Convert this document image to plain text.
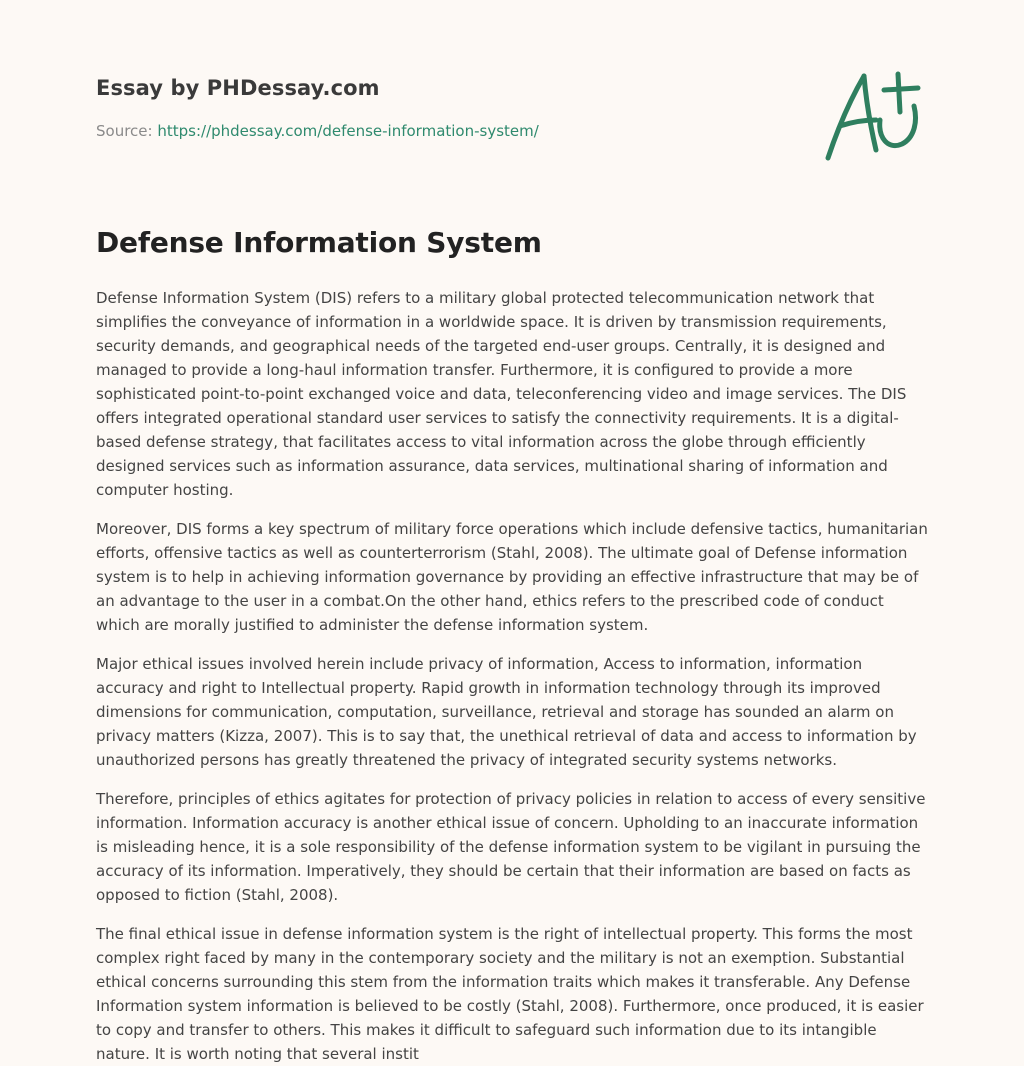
Essay by PHDessay.com
Source: https://phdessay.com/defense-information-system/
Defense Information System

Defense Information System (DIS) refers to a military global protected telecommunication network that simplifies the conveyance of information in a worldwide space. It is driven by transmission requirements, security demands, and geographical needs of the targeted end-user groups. Centrally, it is designed and managed to provide a long-haul information transfer. Furthermore, it is configured to provide a more sophisticated point-to-point exchanged voice and data, teleconferencing video and image services. The DIS offers integrated operational standard user services to satisfy the connectivity requirements. It is a digital-based defense strategy, that facilitates access to vital information across the globe through efficiently designed services such as information assurance, data services, multinational sharing of information and computer hosting.

Moreover, DIS forms a key spectrum of military force operations which include defensive tactics, humanitarian efforts, offensive tactics as well as counterterrorism (Stahl, 2008). The ultimate goal of Defense information system is to help in achieving information governance by providing an effective infrastructure that may be of an advantage to the user in a combat.On the other hand, ethics refers to the prescribed code of conduct which are morally justified to administer the defense information system.

Major ethical issues involved herein include privacy of information, Access to information, information accuracy and right to Intellectual property. Rapid growth in information technology through its improved dimensions for communication, computation, surveillance, retrieval and storage has sounded an alarm on privacy matters (Kizza, 2007). This is to say that, the unethical retrieval of data and access to information by unauthorized persons has greatly threatened the privacy of integrated security systems networks.

Therefore, principles of ethics agitates for protection of privacy policies in relation to access of every sensitive information. Information accuracy is another ethical issue of concern. Upholding to an inaccurate information is misleading hence, it is a sole responsibility of the defense information system to be vigilant in pursuing the accuracy of its information. Imperatively, they should be certain that their information are based on facts as opposed to fiction (Stahl, 2008).

The final ethical issue in defense information system is the right of intellectual property. This forms the most complex right faced by many in the contemporary society and the military is not an exemption. Substantial ethical concerns surrounding this stem from the information traits which makes it transferable. Any Defense Information system information is believed to be costly (Stahl, 2008). Furthermore, once produced, it is easier to copy and transfer to others. This makes it difficult to safeguard such information due to its intangible nature. It is worth noting that several instit
